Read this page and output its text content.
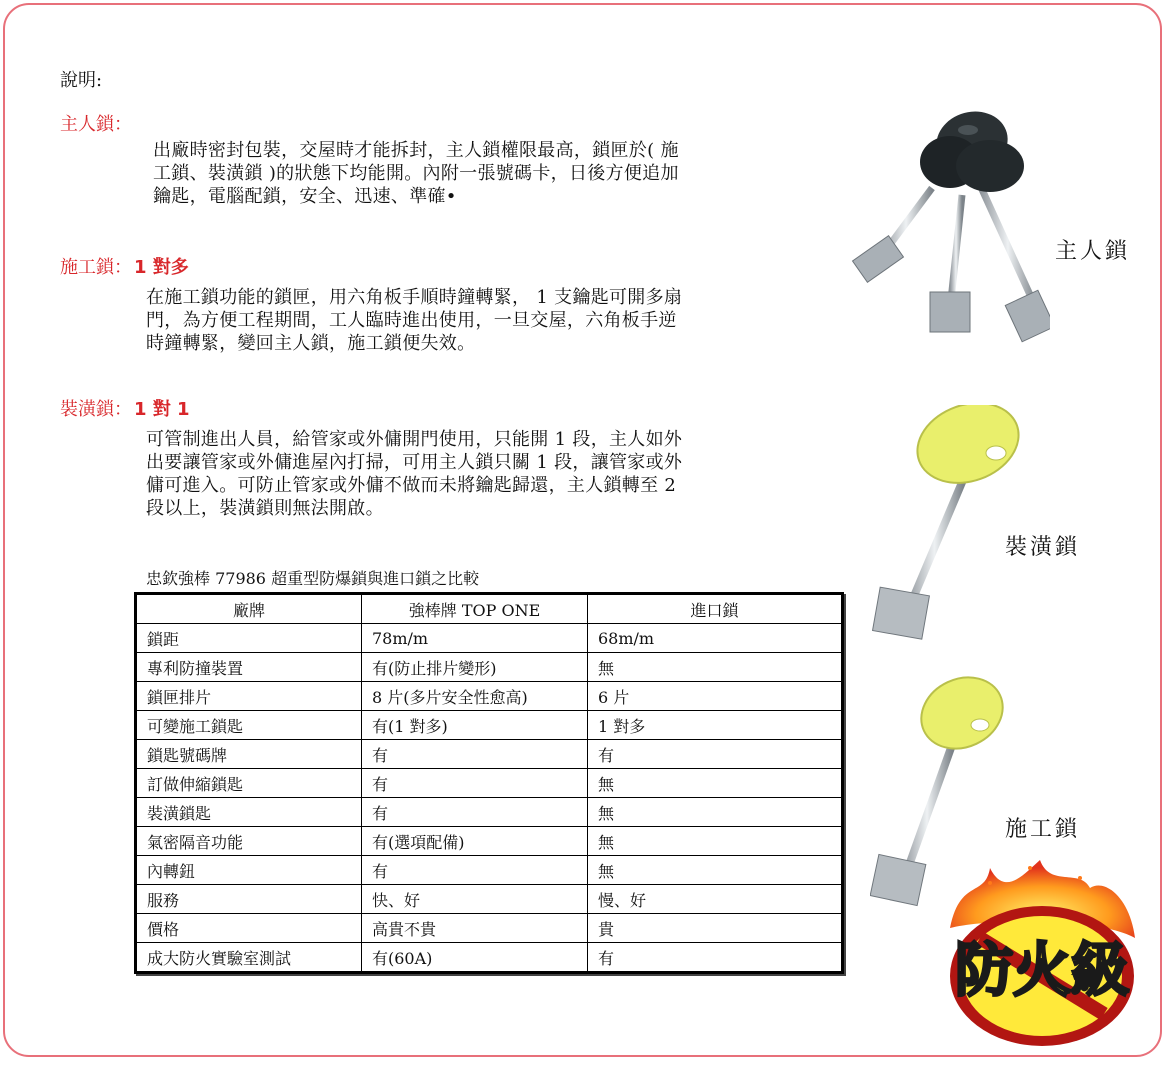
說明:
主人鎖：
出廠時密封包裝，交屋時才能拆封，主人鎖權限最高，鎖匣於( 施
工鎖、裝潢鎖 )的狀態下均能開。內附一張號碼卡，日後方便追加
鑰匙，電腦配鎖，安全、迅速、準確•
施工鎖： 1 對多
在施工鎖功能的鎖匣，用六角板手順時鐘轉緊， 1 支鑰匙可開多扇
門，為方便工程期間，工人臨時進出使用，一旦交屋，六角板手逆
時鐘轉緊，變回主人鎖，施工鎖便失效。
裝潢鎖： 1 對 1
可管制進出人員，給管家或外傭開門使用，只能開 1 段，主人如外
出要讓管家或外傭進屋內打掃，可用主人鎖只關 1 段，讓管家或外
傭可進入。可防止管家或外傭不做而未將鑰匙歸還，主人鎖轉至 2
段以上，裝潢鎖則無法開啟。
忠欽強棒 77986 超重型防爆鎖與進口鎖之比較
廠牌	強棒牌 TOP ONE	進口鎖
鎖距	78m/m	68m/m
專利防撞裝置	有(防止排片變形)	無
鎖匣排片	8 片(多片安全性愈高)	6 片
可變施工鎖匙	有(1 對多)	1 對多
鎖匙號碼牌	有	有
訂做伸縮鎖匙	有	無
裝潢鎖匙	有	無
氣密隔音功能	有(選項配備)	無
內轉鈕	有	無
服務	快、好	慢、好
價格	高貴不貴	貴
成大防火實驗室測試	有(60A)	有
主人鎖
裝潢鎖
施工鎖
防火級
